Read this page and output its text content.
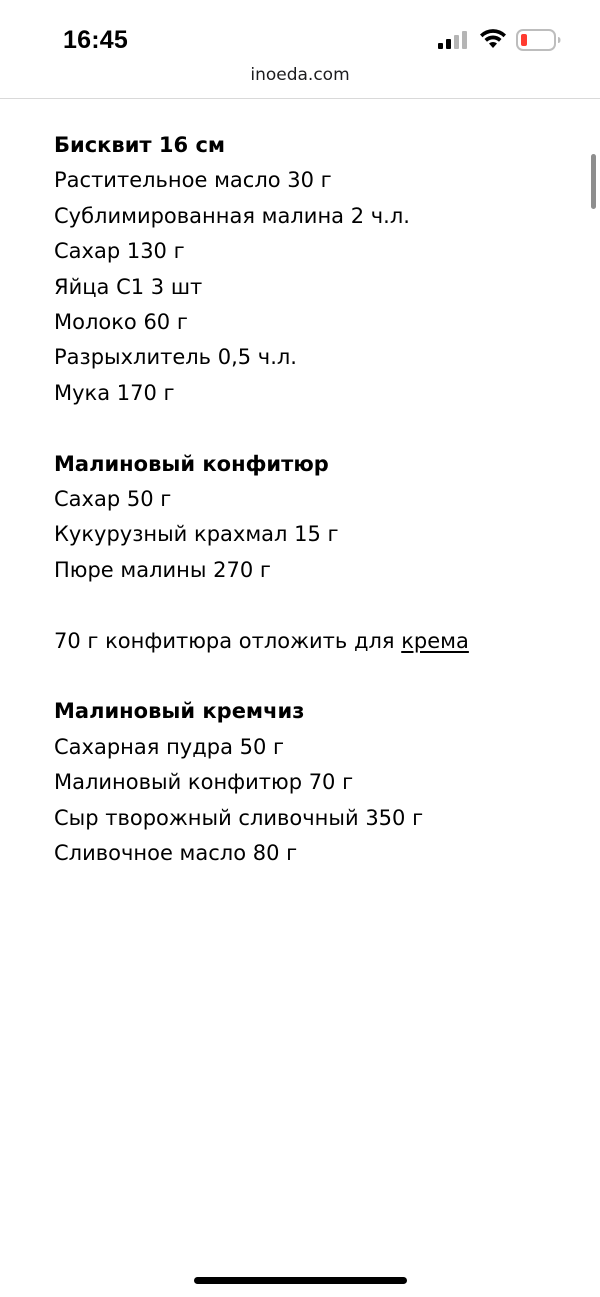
16:45
inoeda.com

Бисквит 16 см

Растительное масло 30 г

Сублимированная малина 2 ч.л.

Сахар 130 г

Яйца С1 3 шт

Молоко 60 г

Разрыхлитель 0,5 ч.л.

Мука 170 г

Малиновый конфитюр

Сахар 50 г

Кукурузный крахмал 15 г

Пюре малины 270 г

70 г конфитюра отложить для крема

Малиновый кремчиз

Сахарная пудра 50 г

Малиновый конфитюр 70 г

Сыр творожный сливочный 350 г

Сливочное масло 80 г
